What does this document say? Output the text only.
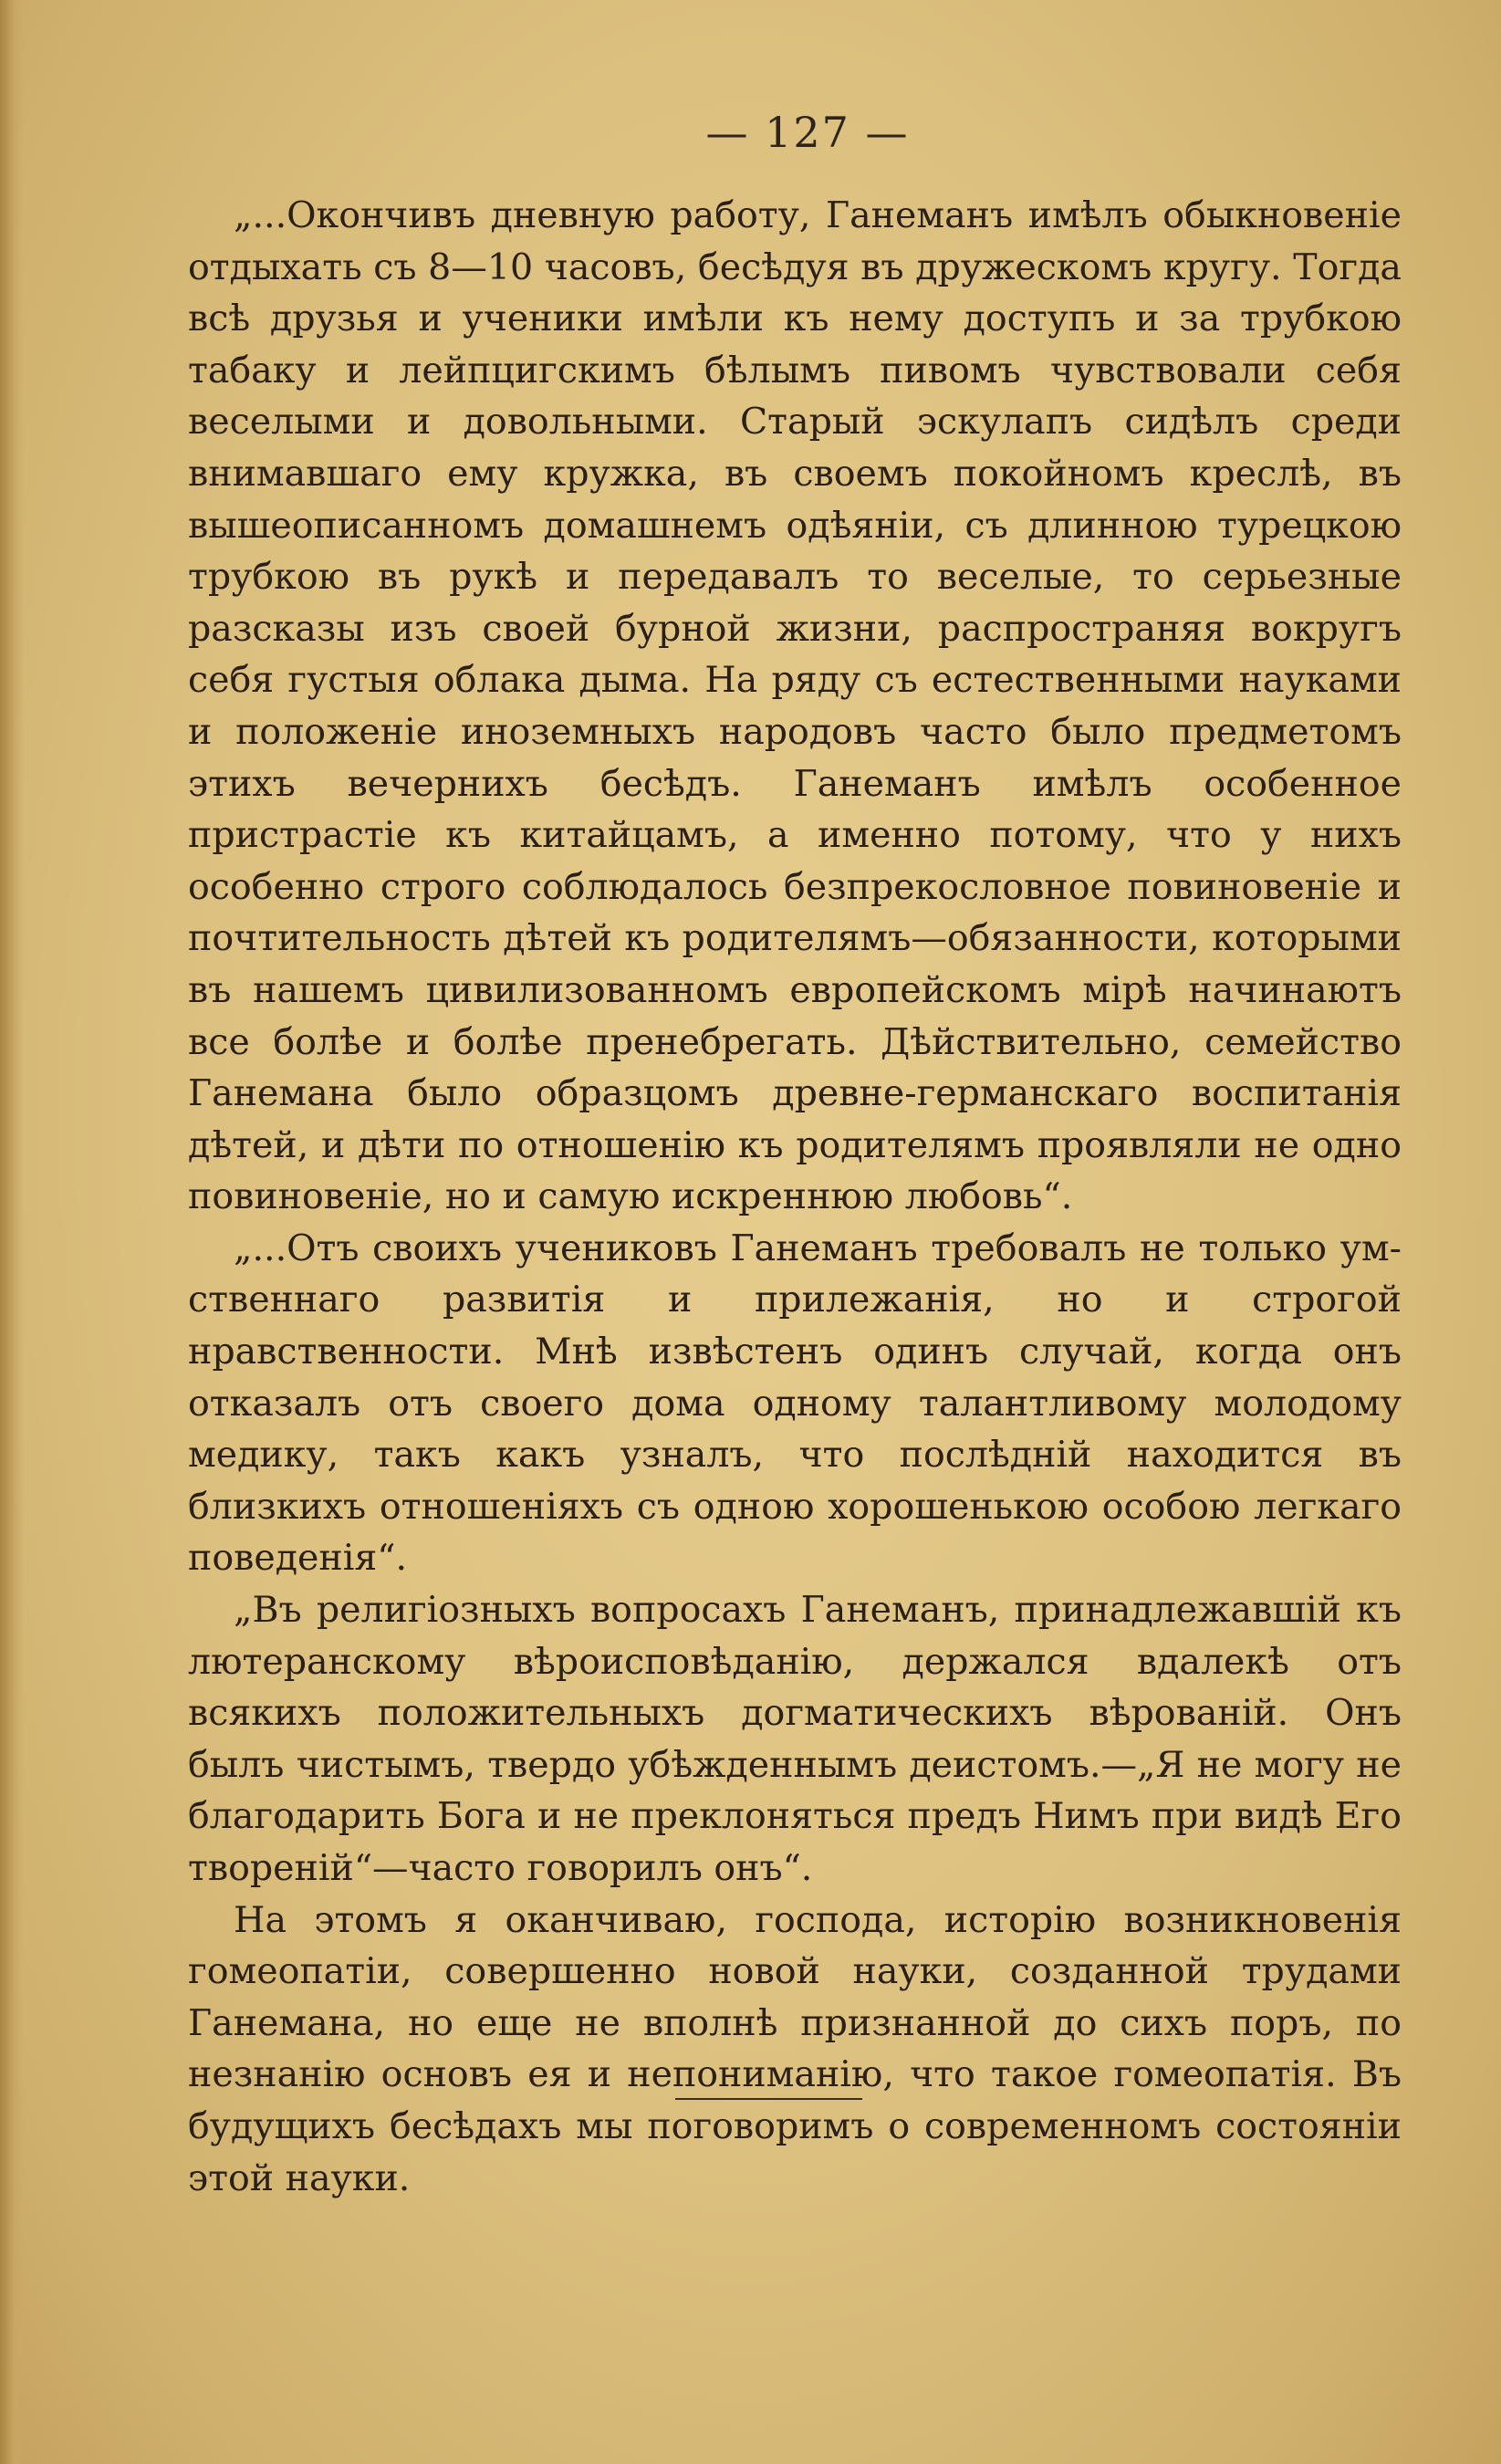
— 127 —

„...Окончивъ дневную работу, Ганеманъ имѣлъ обыкновеніе отдыхать съ 8—10 часовъ, бесѣдуя въ дружескомъ кругу. Тогда всѣ друзья и ученики имѣли къ нему доступъ и за трубкою табаку и лейпцигскимъ бѣлымъ пивомъ чувствовали себя веселыми и довольными. Старый эскулапъ сидѣлъ среди внимавшаго ему кружка, въ своемъ покойномъ креслѣ, въ вышеописанномъ домашнемъ одѣяніи, съ длинною турецкою трубкою въ рукѣ и передавалъ то веселые, то серьезные разсказы изъ своей бурной жизни, распространяя вокругъ себя густыя облака дыма. На ряду съ естественными науками и положеніе иноземныхъ народовъ часто было предметомъ этихъ вечернихъ бесѣдъ. Ганеманъ имѣлъ особенное пристрастіе къ китайцамъ, а именно потому, что у нихъ особенно строго соблюдалось безпрекословное повиновеніе и почтительность дѣтей къ родителямъ—обязанности, которыми въ нашемъ цивилизованномъ европейскомъ мірѣ начинаютъ все болѣе и болѣе пренебрегать. Дѣйствительно, семейство Ганемана было образцомъ древне-германскаго воспитанія дѣтей, и дѣти по отношенію къ родителямъ проявляли не одно повиновеніе, но и самую искреннюю любовь“.

„...Отъ своихъ учениковъ Ганеманъ требовалъ не только умственнаго развитія и прилежанія, но и строгой нравственности. Мнѣ извѣстенъ одинъ случай, когда онъ отказалъ отъ своего дома одному талантливому молодому медику, такъ какъ узналъ, что послѣдній находится въ близкихъ отношеніяхъ съ одною хорошенькою особою легкаго поведенія“.

„Въ религіозныхъ вопросахъ Ганеманъ, принадлежавшій къ лютеранскому вѣроисповѣданію, держался вдалекѣ отъ всякихъ положительныхъ догматическихъ вѣрованій. Онъ былъ чистымъ, твердо убѣжденнымъ деистомъ.—„Я не могу не благодарить Бога и не преклоняться предъ Нимъ при видѣ Его твореній“—часто говорилъ онъ“.

На этомъ я оканчиваю, господа, исторію возникновенія гомеопатіи, совершенно новой науки, созданной трудами Ганемана, но еще не вполнѣ признанной до сихъ поръ, по незнанію основъ ея и непониманію, что такое гомеопатія. Въ будущихъ бесѣдахъ мы поговоримъ о современномъ состояніи этой науки.
